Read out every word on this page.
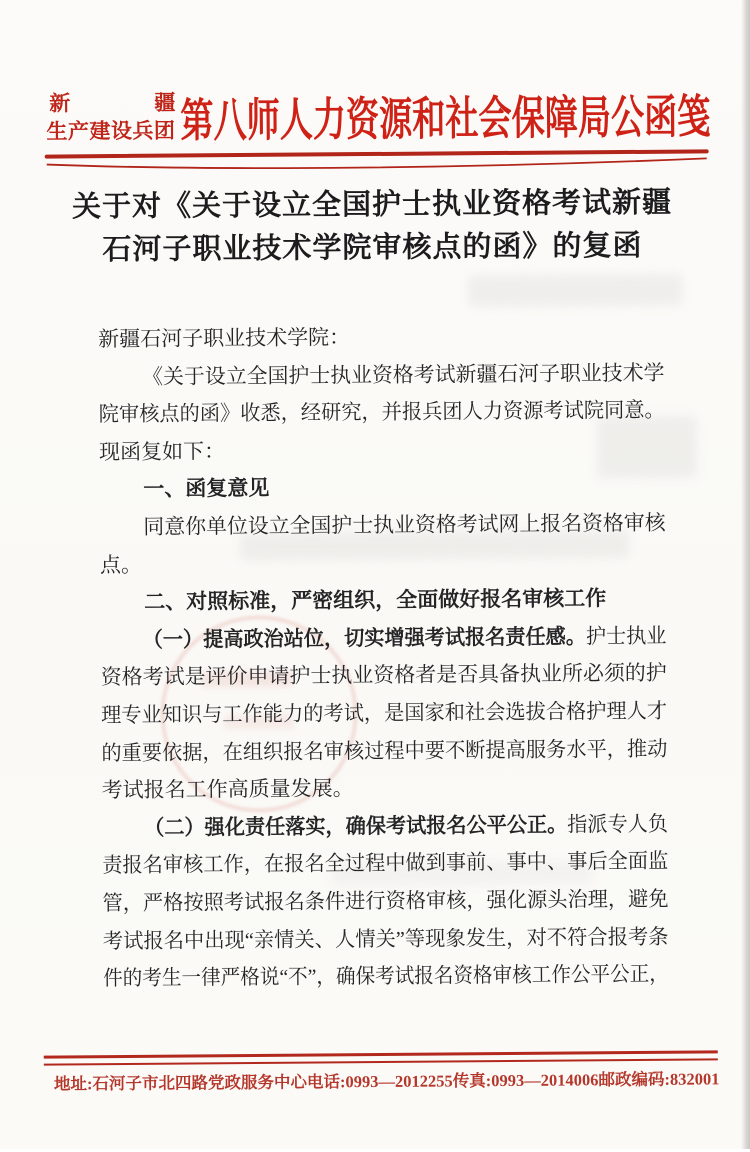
新	疆
生产建设兵团 第八师人力资源和社会保障局公函笺
关于对《关于设立全国护士执业资格考试新疆
石河子职业技术学院审核点的函》的复函
新疆石河子职业技术学院：
《关于设立全国护士执业资格考试新疆石河子职业技术学
院审核点的函》收悉，经研究，并报兵团人力资源考试院同意。
现函复如下：
一、函复意见
同意你单位设立全国护士执业资格考试网上报名资格审核
点。
二、对照标准，严密组织，全面做好报名审核工作
（一）提高政治站位，切实增强考试报名责任感。护士执业
资格考试是评价申请护士执业资格者是否具备执业所必须的护
理专业知识与工作能力的考试，是国家和社会选拔合格护理人才
的重要依据，在组织报名审核过程中要不断提高服务水平，推动
考试报名工作高质量发展。
（二）强化责任落实，确保考试报名公平公正。指派专人负
责报名审核工作，在报名全过程中做到事前、事中、事后全面监
管，严格按照考试报名条件进行资格审核，强化源头治理，避免
考试报名中出现“亲情关、人情关”等现象发生，对不符合报考条
件的考生一律严格说“不”，确保考试报名资格审核工作公平公正，
地址:石河子市北四路党政服务中心 电话:0993—2012255 传真:0993—2014006 邮政编码:832001
